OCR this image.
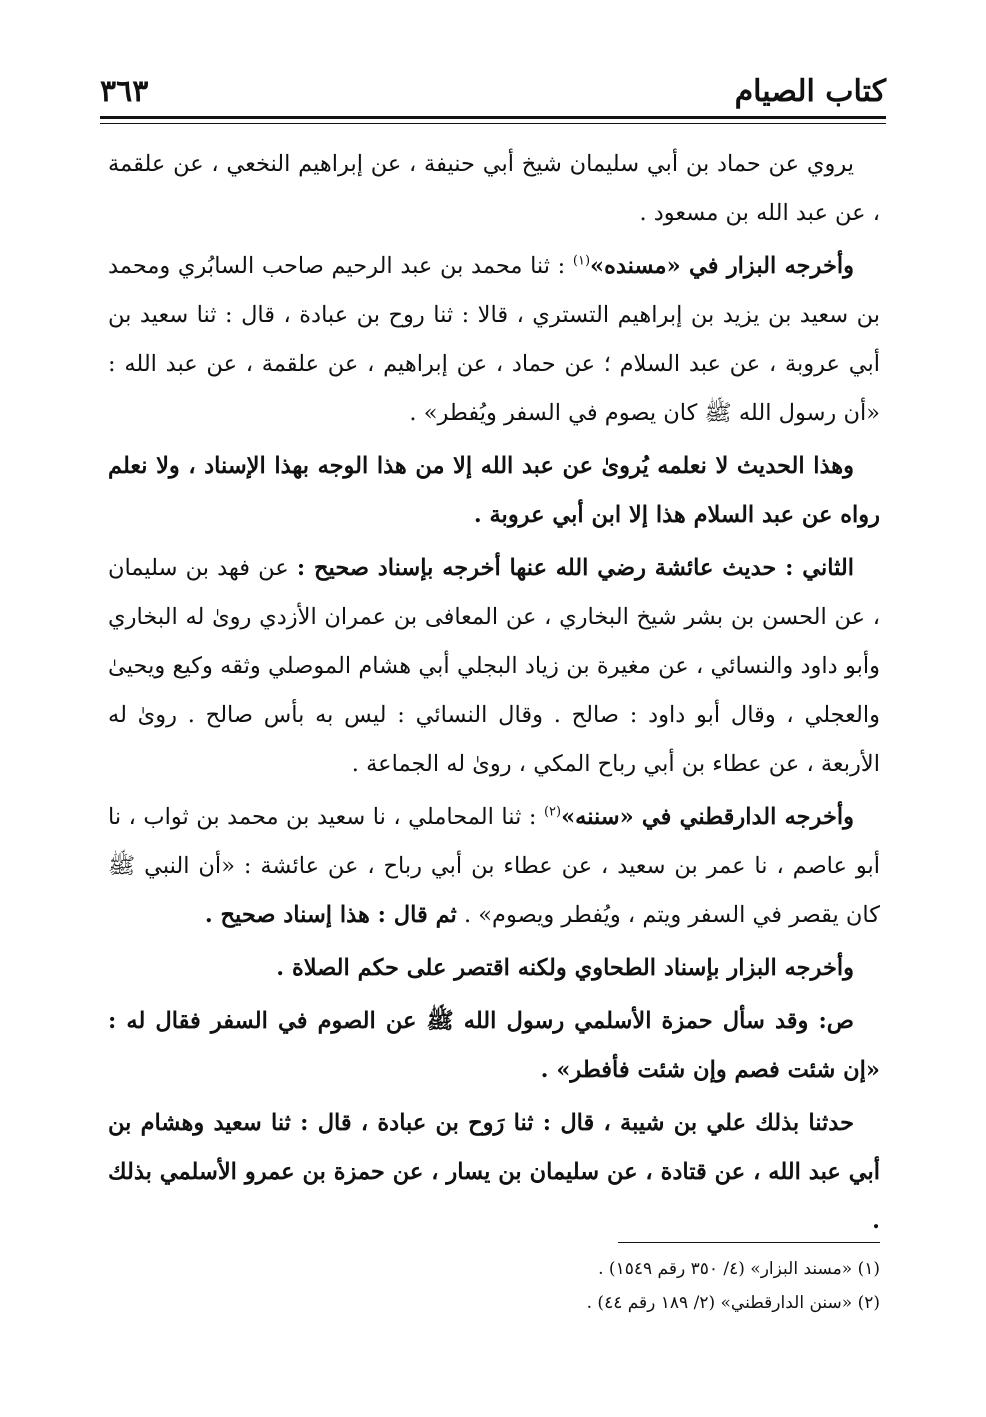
كتاب الصيام
٣٦٣

يروي عن حماد بن أبي سليمان شيخ أبي حنيفة ، عن إبراهيم النخعي ، عن علقمة ، عن عبد الله بن مسعود .

وأخرجه البزار في «مسنده»$^{(١)}$ : ثنا محمد بن عبد الرحيم صاحب السابُري ومحمد بن سعيد بن يزيد بن إبراهيم التستري ، قالا : ثنا روح بن عبادة ، قال : ثنا سعيد بن أبي عروبة ، عن عبد السلام ؛ عن حماد ، عن إبراهيم ، عن علقمة ، عن عبد الله : «أن رسول الله ﷺ كان يصوم في السفر ويُفطر» .

وهذا الحديث لا نعلمه يُروىٰ عن عبد الله إلا من هذا الوجه بهذا الإسناد ، ولا نعلم رواه عن عبد السلام هذا إلا ابن أبي عروبة .

الثاني : حديث عائشة رضي الله عنها أخرجه بإسناد صحيح : عن فهد بن سليمان ، عن الحسن بن بشر شيخ البخاري ، عن المعافى بن عمران الأزدي روىٰ له البخاري وأبو داود والنسائي ، عن مغيرة بن زياد البجلي أبي هشام الموصلي وثقه وكيع ويحيىٰ والعجلي ، وقال أبو داود : صالح . وقال النسائي : ليس به بأس صالح . روىٰ له الأربعة ، عن عطاء بن أبي رباح المكي ، روىٰ له الجماعة .

وأخرجه الدارقطني في «سننه»$^{(٢)}$ : ثنا المحاملي ، نا سعيد بن محمد بن ثواب ، نا أبو عاصم ، نا عمر بن سعيد ، عن عطاء بن أبي رباح ، عن عائشة : «أن النبي ﷺ كان يقصر في السفر ويتم ، ويُفطر ويصوم» . ثم قال : هذا إسناد صحيح .

وأخرجه البزار بإسناد الطحاوي ولكنه اقتصر على حكم الصلاة .

ص: وقد سأل حمزة الأسلمي رسول الله ﷺ عن الصوم في السفر فقال له : «إن شئت فصم وإن شئت فأفطر» .

حدثنا بذلك علي بن شيبة ، قال : ثنا رَوح بن عبادة ، قال : ثنا سعيد وهشام بن أبي عبد الله ، عن قتادة ، عن سليمان بن يسار ، عن حمزة بن عمرو الأسلمي بذلك .

(١) «مسند البزار» (٤/ ٣٥٠ رقم ١٥٤٩) .
(٢) «سنن الدارقطني» (٢/ ١٨٩ رقم ٤٤) .
